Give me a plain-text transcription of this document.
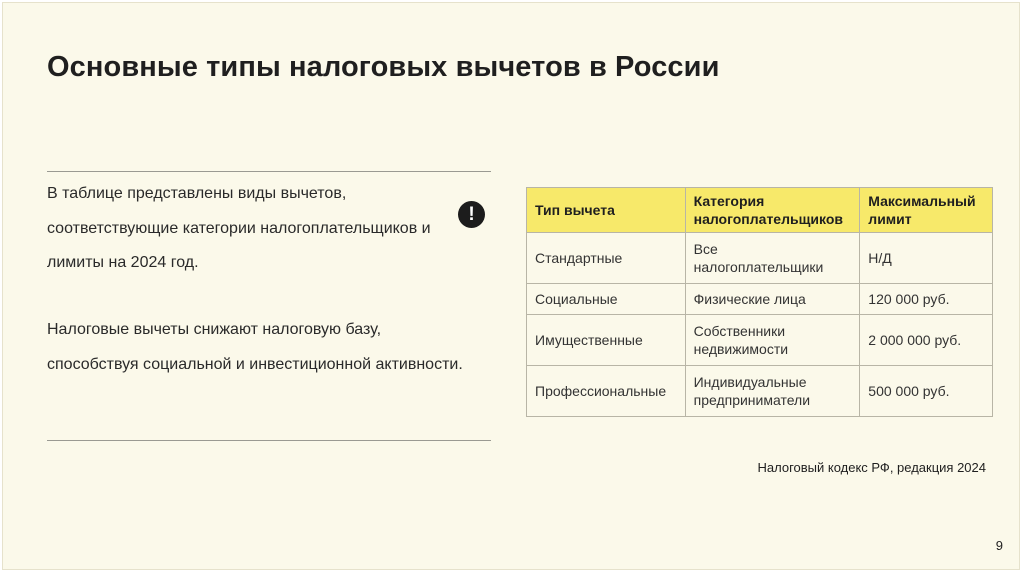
Основные типы налоговых вычетов в России
В таблице представлены виды вычетов, соответствующие категории налогоплательщиков и лимиты на 2024 год.
Налоговые вычеты снижают налоговую базу, способствуя социальной и инвестиционной активности.
!	Тип вычета	Категория налогоплательщиков	Максимальный лимит
Стандартные	Все налогоплательщики	Н/Д
Социальные	Физические лица	120 000 руб.
Имущественные	Собственники недвижимости	2 000 000 руб.
Профессиональные	Индивидуальные предприниматели	500 000 руб.
Налоговый кодекс РФ, редакция 2024
9
